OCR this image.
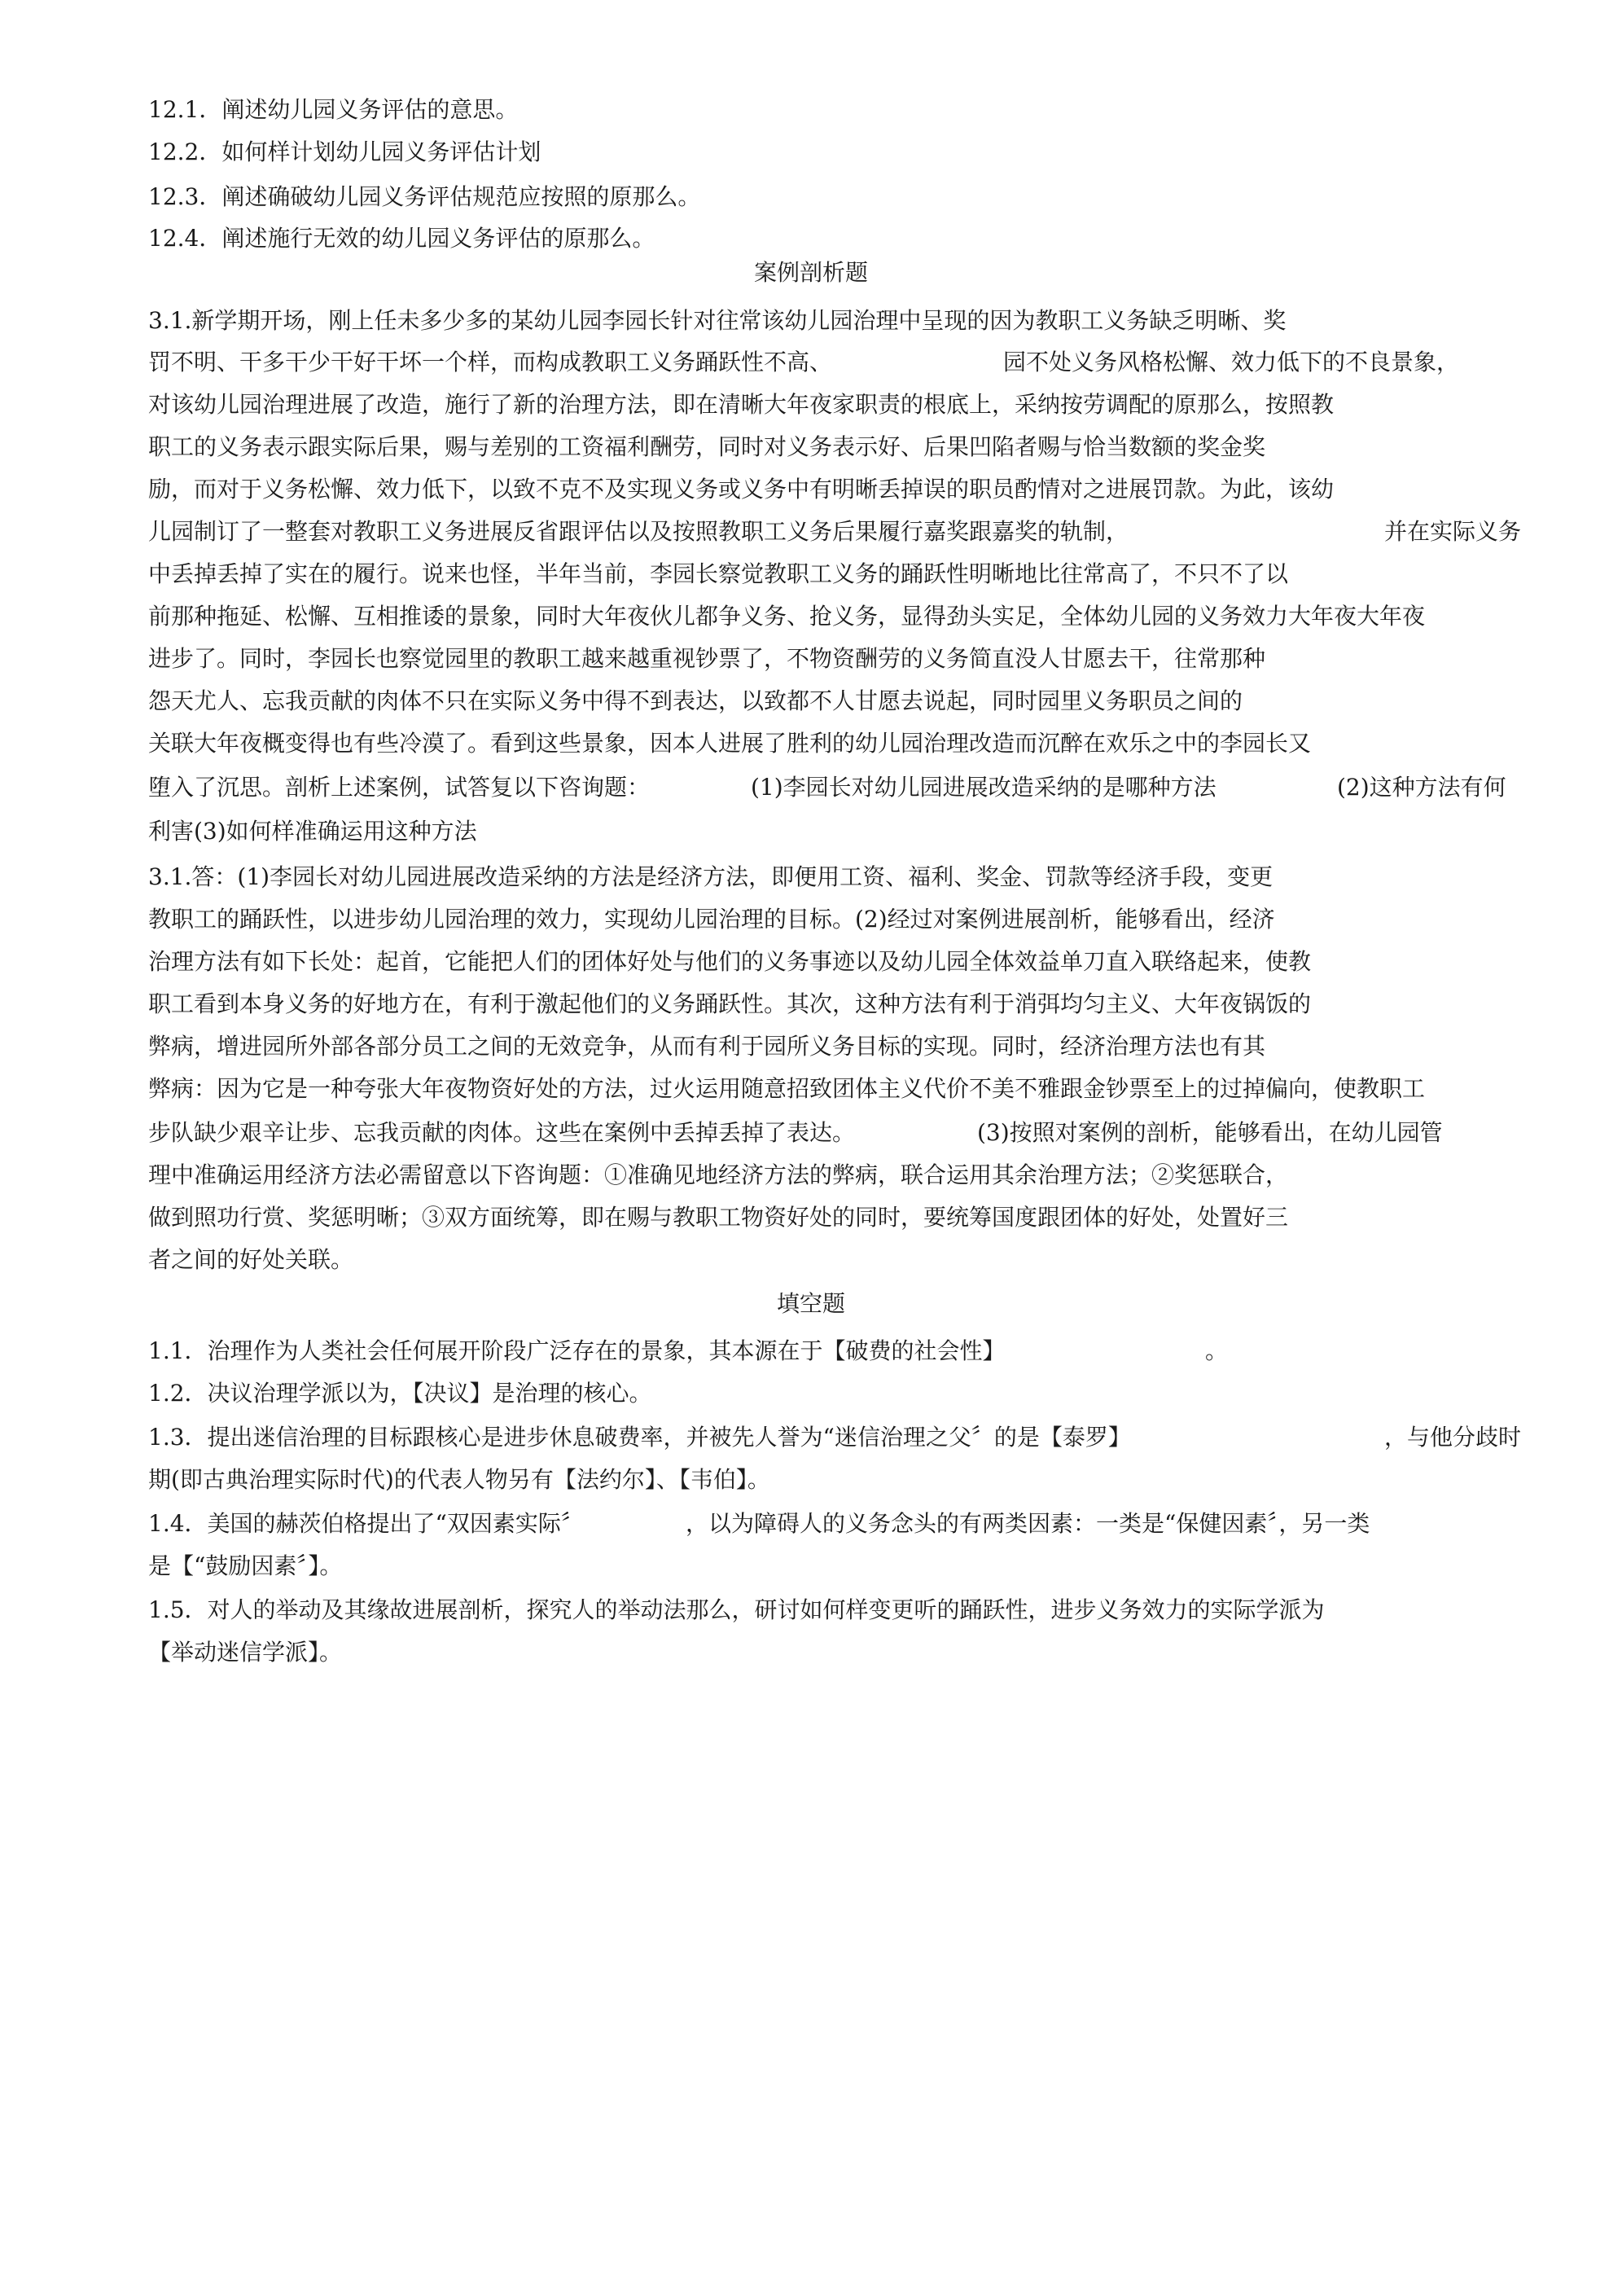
12.1．阐述幼儿园义务评估的意思。
12.2．如何样计划幼儿园义务评估计划
12.3．阐述确破幼儿园义务评估规范应按照的原那么。
12.4．阐述施行无效的幼儿园义务评估的原那么。
案例剖析题
3.1.新学期开场，刚上任未多少多的某幼儿园李园长针对往常该幼儿园治理中呈现的因为教职工义务缺乏明晰、奖
罚不明、干多干少干好干坏一个样，而构成教职工义务踊跃性不高、	园不处义务风格松懈、效力低下的不良景象，
对该幼儿园治理进展了改造，施行了新的治理方法，即在清晰大年夜家职责的根底上，采纳按劳调配的原那么，按照教
职工的义务表示跟实际后果，赐与差别的工资福利酬劳，同时对义务表示好、后果凹陷者赐与恰当数额的奖金奖
励，而对于义务松懈、效力低下，以致不克不及实现义务或义务中有明晰丢掉误的职员酌情对之进展罚款。为此，该幼
儿园制订了一整套对教职工义务进展反省跟评估以及按照教职工义务后果履行嘉奖跟嘉奖的轨制，	并在实际义务
中丢掉丢掉了实在的履行。说来也怪，半年当前，李园长察觉教职工义务的踊跃性明晰地比往常高了，不只不了以
前那种拖延、松懈、互相推诿的景象，同时大年夜伙儿都争义务、抢义务，显得劲头实足，全体幼儿园的义务效力大年夜大年夜
进步了。同时，李园长也察觉园里的教职工越来越重视钞票了，不物资酬劳的义务简直没人甘愿去干，往常那种
怨天尤人、忘我贡献的肉体不只在实际义务中得不到表达，以致都不人甘愿去说起，同时园里义务职员之间的
关联大年夜概变得也有些冷漠了。看到这些景象，因本人进展了胜利的幼儿园治理改造而沉醉在欢乐之中的李园长又
堕入了沉思。剖析上述案例，试答复以下咨询题：	(1)李园长对幼儿园进展改造采纳的是哪种方法	(2)这种方法有何
利害(3)如何样准确运用这种方法
3.1.答：(1)李园长对幼儿园进展改造采纳的方法是经济方法，即便用工资、福利、奖金、罚款等经济手段，变更
教职工的踊跃性，以进步幼儿园治理的效力，实现幼儿园治理的目标。(2)经过对案例进展剖析，能够看出，经济
治理方法有如下长处：起首，它能把人们的团体好处与他们的义务事迹以及幼儿园全体效益单刀直入联络起来，使教
职工看到本身义务的好地方在，有利于激起他们的义务踊跃性。其次，这种方法有利于消弭均匀主义、大年夜锅饭的
弊病，增进园所外部各部分员工之间的无效竞争，从而有利于园所义务目标的实现。同时，经济治理方法也有其
弊病：因为它是一种夸张大年夜物资好处的方法，过火运用随意招致团体主义代价不美不雅跟金钞票至上的过掉偏向，使教职工
步队缺少艰辛让步、忘我贡献的肉体。这些在案例中丢掉丢掉了表达。	(3)按照对案例的剖析，能够看出，在幼儿园管
理中准确运用经济方法必需留意以下咨询题：①准确见地经济方法的弊病，联合运用其余治理方法；②奖惩联合，
做到照功行赏、奖惩明晰；③双方面统筹，即在赐与教职工物资好处的同时，要统筹国度跟团体的好处，处置好三
者之间的好处关联。
填空题
1.1．治理作为人类社会任何展开阶段广泛存在的景象，其本源在于【破费的社会性】	。
1.2．决议治理学派以为，【决议】是治理的核心。
1.3．提出迷信治理的目标跟核心是进步休息破费率，并被先人誉为“迷信治理之父〞的是【泰罗】	，与他分歧时
期(即古典治理实际时代)的代表人物另有【法约尔】、【韦伯】。
1.4．美国的赫茨伯格提出了“双因素实际〞	，以为障碍人的义务念头的有两类因素：一类是“保健因素〞，另一类
是【“鼓励因素〞】。
1.5．对人的举动及其缘故进展剖析，探究人的举动法那么，研讨如何样变更听的踊跃性，进步义务效力的实际学派为
【举动迷信学派】。
